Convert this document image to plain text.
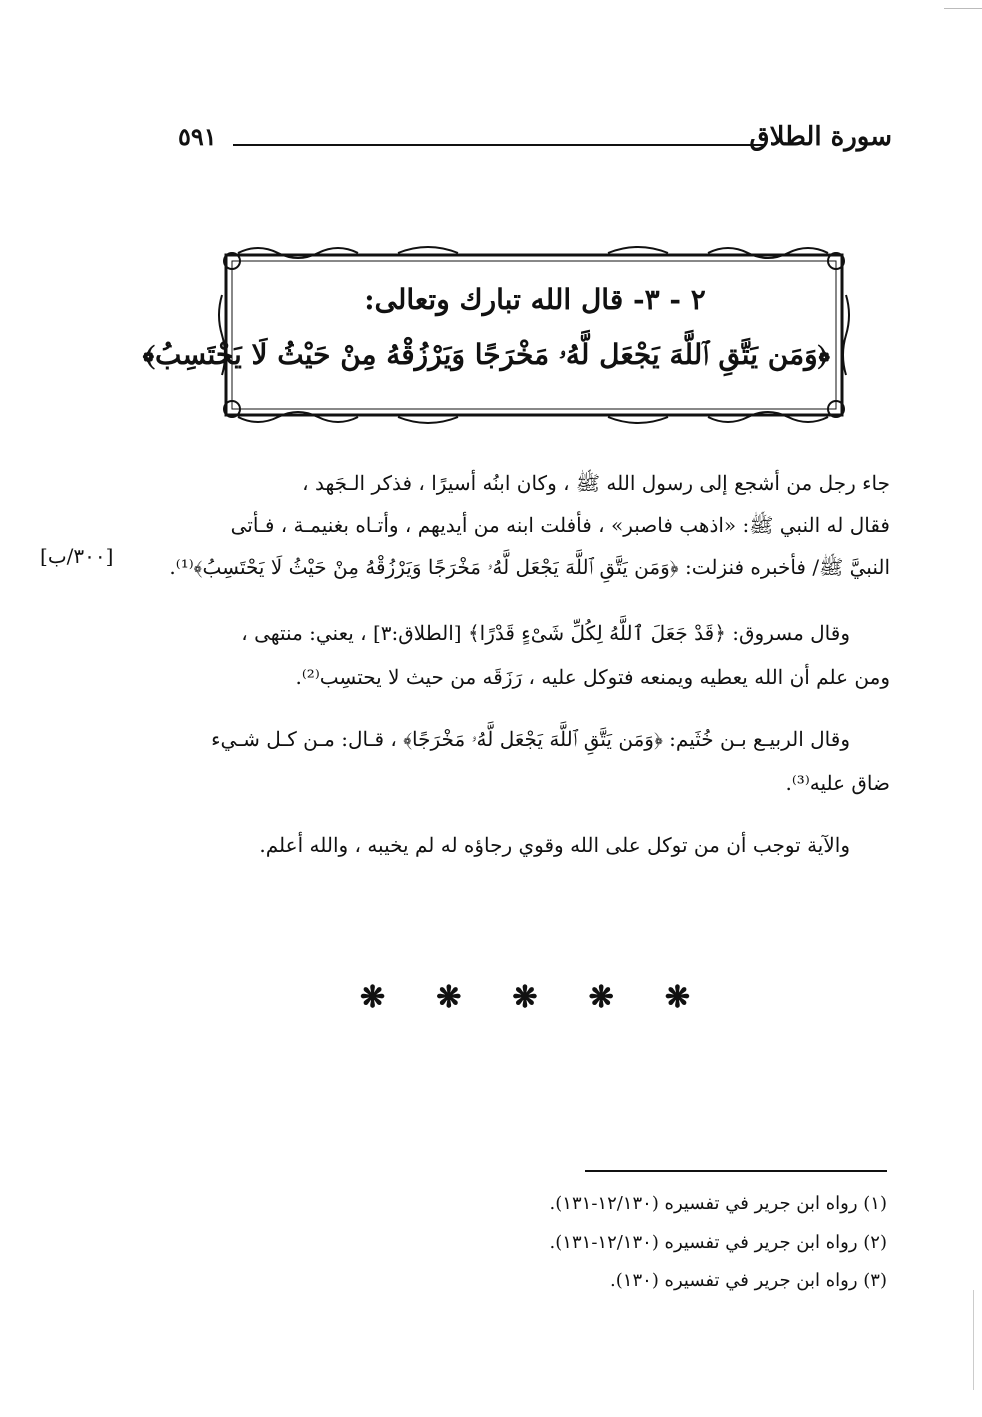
٥٩١	سورة الطلاق
٢ - ٣- قال الله تبارك وتعالى:
﴿وَمَن يَتَّقِ ٱللَّهَ يَجْعَل لَّهُۥ مَخْرَجًا وَيَرْزُقْهُ مِنْ حَيْثُ لَا يَحْتَسِبُ﴾
[٣٠٠/ب]
جاء رجل من أشجع إلى رسول الله ﷺ ، وكان ابنُه أسيرًا ، فذكر الـجَهد ،
فقال له النبي ﷺ: «اذهب فاصبر» ، فأفلت ابنه من أيديهم ، وأتـاه بغنيمـة ، فـأتى
النبيَّ ﷺ/ فأخبره فنزلت: ﴿وَمَن يَتَّقِ ٱللَّهَ يَجْعَل لَّهُۥ مَخْرَجًا وَيَرْزُقْهُ مِنْ حَيْثُ لَا يَحْتَسِبُ﴾⁽¹⁾.
وقال مسروق: ﴿قَدْ جَعَلَ ٱللَّهُ لِكُلِّ شَىْءٍ قَدْرًا﴾ [الطلاق:٣] ، يعني: منتهى ،
ومن علم أن الله يعطيه ويمنعه فتوكل عليه ، رَزَقَه من حيث لا يحتسِب⁽²⁾.
وقال الربيـع بـن خُثَيم: ﴿وَمَن يَتَّقِ ٱللَّهَ يَجْعَل لَّهُۥ مَخْرَجًا﴾ ، قـال: مـن كـل شـيء
ضاق عليه⁽³⁾.
والآية توجب أن من توكل على الله وقوي رجاؤه له لم يخيبه ، والله أعلم.
❋ ❋ ❋ ❋ ❋
(١) رواه ابن جرير في تفسيره (١٢/١٣٠-١٣١).
(٢) رواه ابن جرير في تفسيره (١٢/١٣٠-١٣١).
(٣) رواه ابن جرير في تفسيره (١٣٠).
